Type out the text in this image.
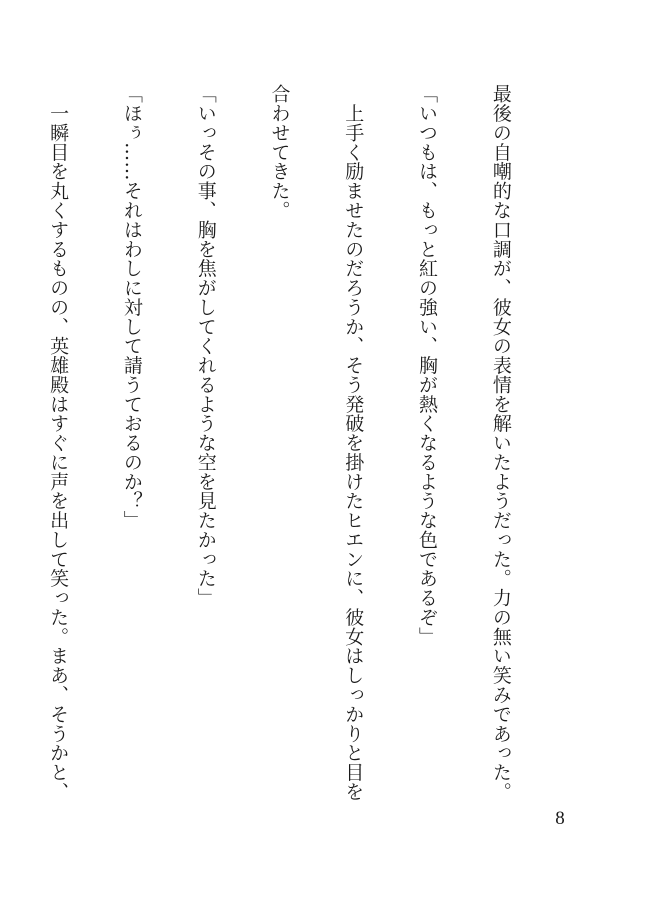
最後の自嘲的な口調が、彼女の表情を解いたようだった。力の無い笑みであった。

「いつもは、もっと紅の強い、胸が熱くなるような色であるぞ」

　上手く励ませたのだろうか、そう発破を掛けたヒエンに、彼女はしっかりと目を

合わせてきた。

「いっその事、胸を焦がしてくれるような空を見たかった」

「ほぅ……それはわしに対して請うておるのか？」

　一瞬目を丸くするものの、英雄殿はすぐに声を出して笑った。まあ、そうかと、

8
